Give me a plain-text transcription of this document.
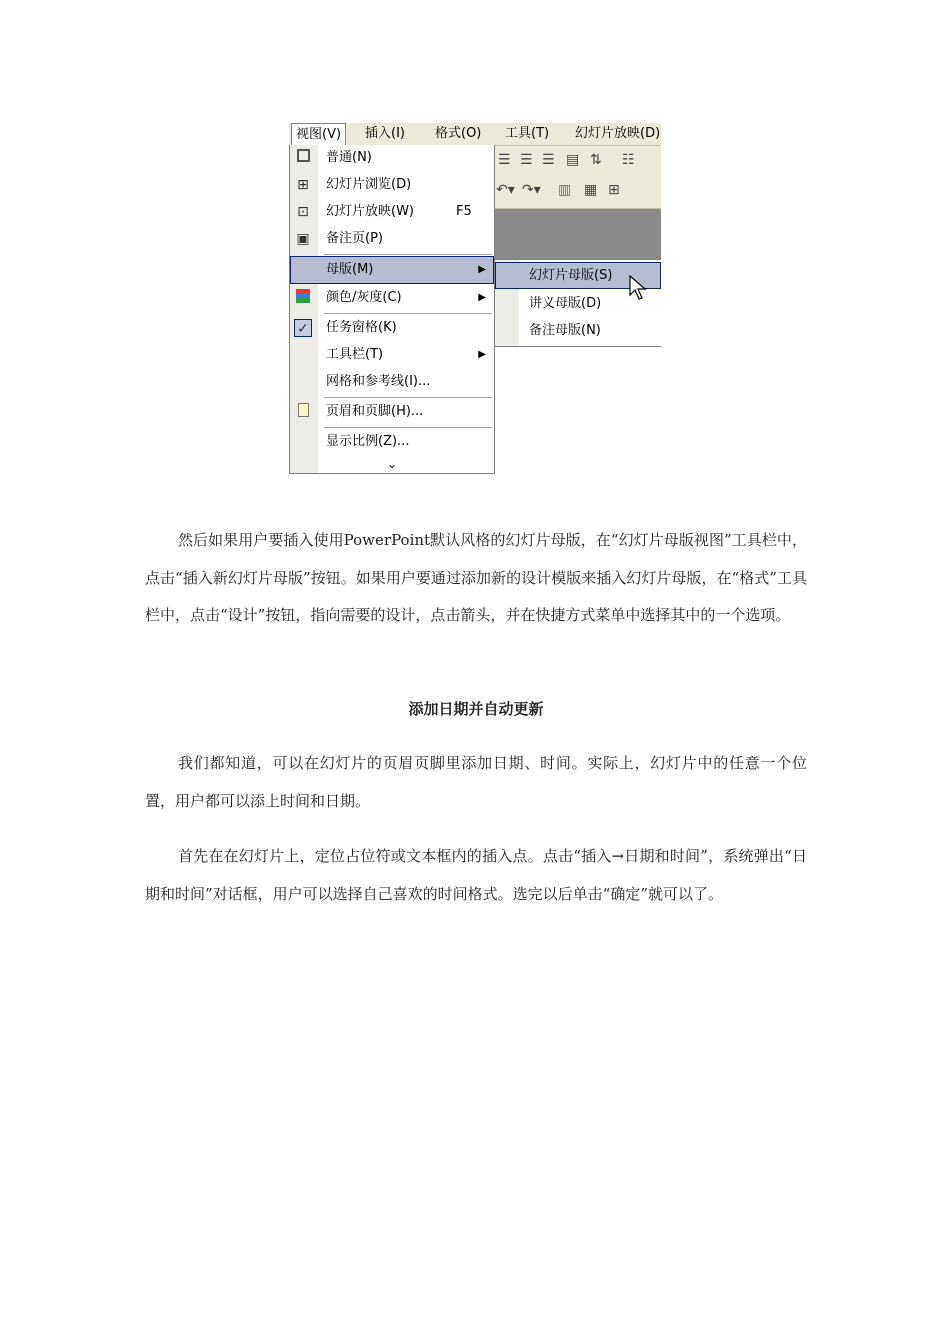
视图(V)	插入(I)	格式(O)	工具(T)	幻灯片放映(D)
☰ ☰ ☰ ▤ ⇅ ☷
↶▾ ↷▾ ▥ ▦ ⊞
普通(N)
⊞ 幻灯片浏览(D)
⊡ 幻灯片放映(W)	F5
▣ 备注页(P)
母版(M)	▶
颜色/灰度(C)	▶
✓ 任务窗格(K)
工具栏(T)	▶
网格和参考线(I)...
页眉和页脚(H)...
显示比例(Z)...
⌄
幻灯片母版(S)
讲义母版(D)
备注母版(N)

然后如果用户要插入使用PowerPoint默认风格的幻灯片母版，在“幻灯片母版视图”工具栏中，点击“插入新幻灯片母版”按钮。如果用户要通过添加新的设计模版来插入幻灯片母版，在“格式”工具栏中，点击“设计”按钮，指向需要的设计，点击箭头，并在快捷方式菜单中选择其中的一个选项。

添加日期并自动更新

我们都知道，可以在幻灯片的页眉页脚里添加日期、时间。实际上，幻灯片中的任意一个位置，用户都可以添上时间和日期。

首先在在幻灯片上，定位占位符或文本框内的插入点。点击“插入→日期和时间”，系统弹出“日期和时间”对话框，用户可以选择自己喜欢的时间格式。选完以后单击“确定”就可以了。
